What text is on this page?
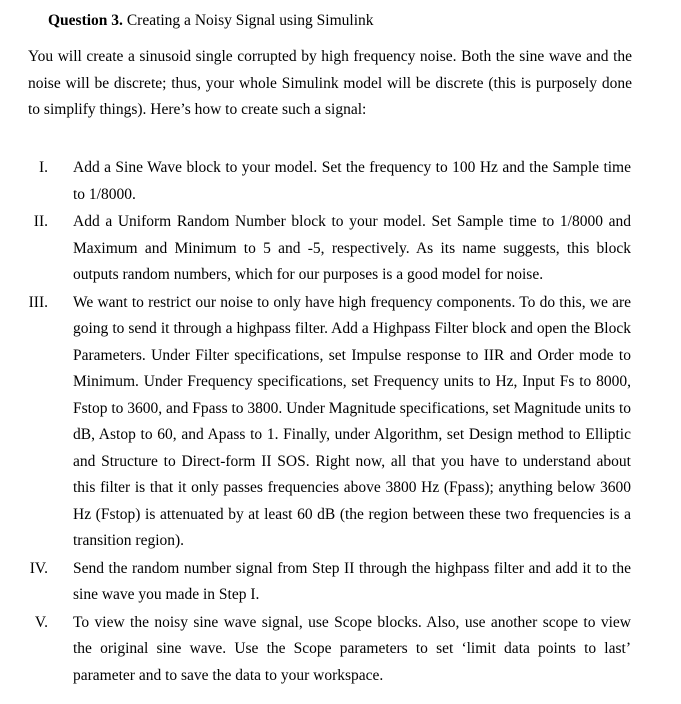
Question 3. Creating a Noisy Signal using Simulink
You will create a sinusoid single corrupted by high frequency noise. Both the sine wave and the noise will be discrete; thus, your whole Simulink model will be discrete (this is purposely done to simplify things). Here’s how to create such a signal:
I. Add a Sine Wave block to your model. Set the frequency to 100 Hz and the Sample time to 1/8000.
II. Add a Uniform Random Number block to your model. Set Sample time to 1/8000 and Maximum and Minimum to 5 and -5, respectively. As its name suggests, this block outputs random numbers, which for our purposes is a good model for noise.
III. We want to restrict our noise to only have high frequency components. To do this, we are going to send it through a highpass filter. Add a Highpass Filter block and open the Block Parameters. Under Filter specifications, set Impulse response to IIR and Order mode to Minimum. Under Frequency specifications, set Frequency units to Hz, Input Fs to 8000, Fstop to 3600, and Fpass to 3800. Under Magnitude specifications, set Magnitude units to dB, Astop to 60, and Apass to 1. Finally, under Algorithm, set Design method to Elliptic and Structure to Direct-form II SOS. Right now, all that you have to understand about this filter is that it only passes frequencies above 3800 Hz (Fpass); anything below 3600 Hz (Fstop) is attenuated by at least 60 dB (the region between these two frequencies is a transition region).
IV. Send the random number signal from Step II through the highpass filter and add it to the sine wave you made in Step I.
V. To view the noisy sine wave signal, use Scope blocks. Also, use another scope to view the original sine wave. Use the Scope parameters to set ‘limit data points to last’ parameter and to save the data to your workspace.
